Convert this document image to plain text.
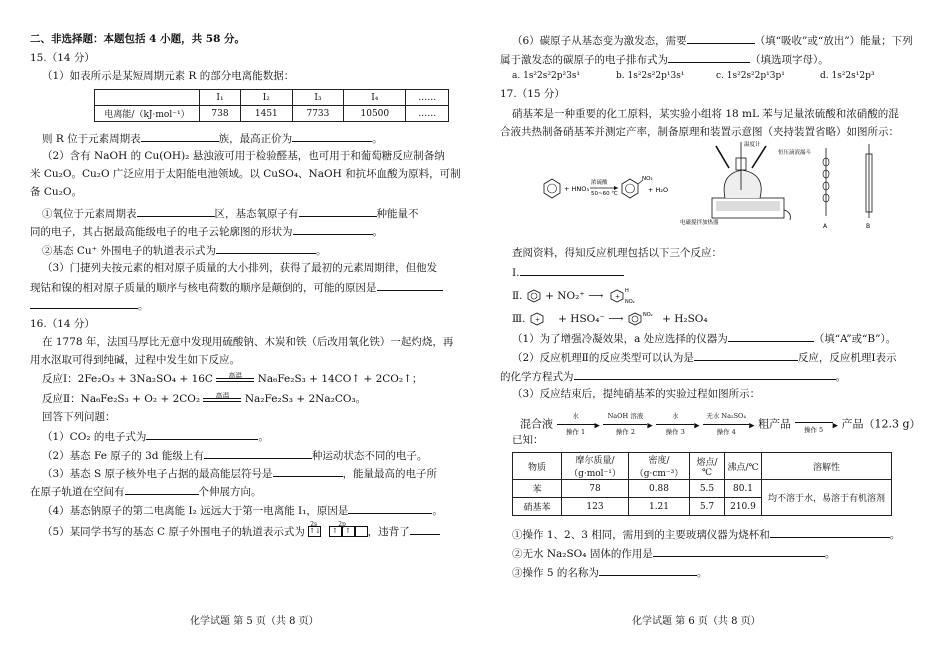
二、非选择题：本题包括 4 小题，共 58 分。
15.（14 分）
（1）如表所示是某短周期元素 R 的部分电离能数据：
	I₁	I₂	I₃	I₄	……
电离能/（kJ·mol⁻¹）	738	1451	7733	10500	……
则 R 位于元素周期表	族，最高正价为	。
（2）含有 NaOH 的 Cu(OH)₂ 悬浊液可用于检验醛基，也可用于和葡萄糖反应制备纳
米 Cu₂O。Cu₂O 广泛应用于太阳能电池领域。以 CuSO₄、NaOH 和抗坏血酸为原料，可制
备 Cu₂O。
①氧位于元素周期表	区，基态氧原子有	种能量不
同的电子，其占据最高能级电子的电子云轮廓图的形状为	。
②基态 Cu⁺ 外围电子的轨道表示式为	。
（3）门捷列夫按元素的相对原子质量的大小排列，获得了最初的元素周期律，但他发
现钴和镍的相对原子质量的顺序与核电荷数的顺序是颠倒的，可能的原因是
。
16.（14 分）
在 1778 年，法国马厚比无意中发现用硫酸钠、木炭和铁（后改用氧化铁）一起灼烧，再
用水沤取可得到纯碱，过程中发生如下反应。
反应Ⅰ：2Fe₂O₃ + 3Na₂SO₄ + 16C	高温	Na₆Fe₂S₃ + 14CO↑ + 2CO₂↑；
反应Ⅱ：Na₆Fe₂S₃ + O₂ + 2CO₂	高温	Na₂Fe₂S₃ + 2Na₂CO₃。
回答下列问题：
（1）CO₂ 的电子式为	。
（2）基态 Fe 原子的 3d 能级上有	种运动状态不同的电子。
（3）基态 S 原子核外电子占据的最高能层符号是	，能量最高的电子所
在原子轨道在空间有	个伸展方向。
（4）基态钠原子的第二电离能 I₂ 远远大于第一电离能 I₁，原因是	。
（5）某同学书写的基态 C 原子外围电子的轨道表示式为
2s	2p
↑↓ ↑ ↑ ，违背了
化学试题 第 5 页（共 8 页）
（6）碳原子从基态变为激发态，需要	（填“吸收”或“放出”）能量；下列
属于激发态的碳原子的电子排布式为	（填选项字母）。
a. 1s²2s²2p²3s¹	b. 1s²2s²2p¹3s¹	c. 1s²2s²2p¹3p¹	d. 1s²2s¹2p³
17.（15 分）
硝基苯是一种重要的化工原料，某实验小组将 18 mL 苯与足量浓硫酸和浓硝酸的混
合液共热制备硝基苯并测定产率，制备原理和装置示意图（夹持装置省略）如图所示：
+ HNO₃
浓硫酸
50~60 ℃
NO₂
+ H₂O
温度计
恒压滴液漏斗
电磁搅拌加热器	A	B
查阅资料，得知反应机理包括以下三个反应：
Ⅰ.
Ⅱ. + NO₂⁺ ⟶ +
H
NO₂
Ⅲ. + + HSO₄⁻ ⟶	NO₂ + H₂SO₄
（1）为了增强冷凝效果，a 处应选择的仪器为	（填“A”或“B”）。
（2）反应机理Ⅱ的反应类型可以认为是	反应，反应机理Ⅰ表示
的化学方程式为	。
（3）反应结束后，提纯硝基苯的实验过程如图所示：
混合液
水
操作 1
▶
NaOH 溶液
操作 2
▶
水
操作 3
▶
无水 Na₂SO₄
操作 4
▶ 粗产品	操作 5	▶ 产品（12.3 g）
已知：
物质	摩尔质量/（g·mol⁻¹）	密度/（g·cm⁻³）	熔点/℃	沸点/℃	溶解性
苯	78	0.88	5.5	80.1	均不溶于水，易溶于有机溶剂
硝基苯	123	1.21	5.7	210.9	
①操作 1、2、3 相同，需用到的主要玻璃仪器为烧杯和	。
②无水 Na₂SO₄ 固体的作用是	。
③操作 5 的名称为	。
化学试题 第 6 页（共 8 页）
